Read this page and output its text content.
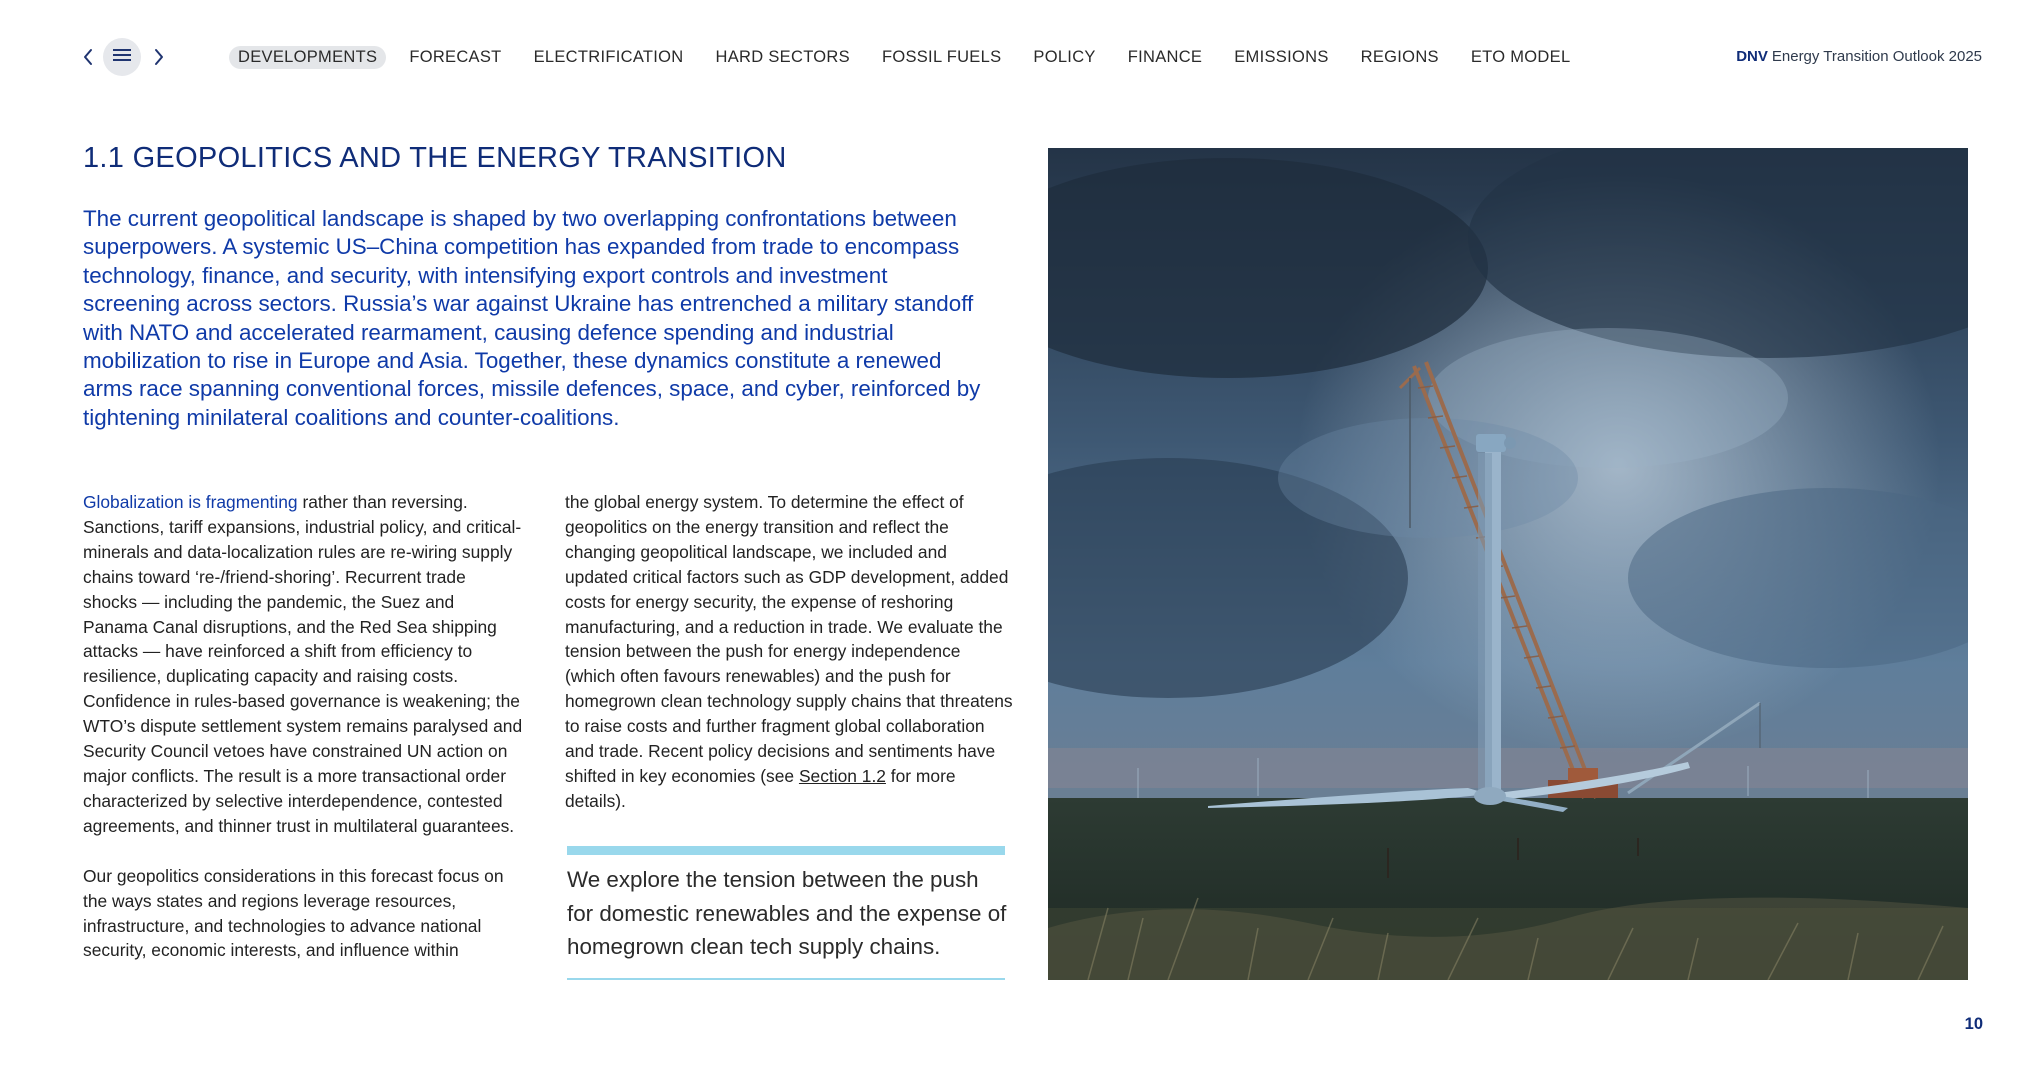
DEVELOPMENTS	FORECAST	ELECTRIFICATION	HARD SECTORS	FOSSIL FUELS	POLICY	FINANCE	EMISSIONS	REGIONS	ETO MODEL	DNV Energy Transition Outlook 2025
1.1 GEOPOLITICS AND THE ENERGY TRANSITION

The current geopolitical landscape is shaped by two overlapping confrontations between superpowers. A systemic US–China competition has expanded from trade to encompass technology, finance, and security, with intensifying export controls and investment screening across sectors. Russia’s war against Ukraine has entrenched a military standoff with NATO and accelerated rearmament, causing defence spending and industrial mobilization to rise in Europe and Asia. Together, these dynamics constitute a renewed arms race spanning conventional forces, missile defences, space, and cyber, reinforced by tightening minilateral coalitions and counter-coalitions.

Globalization is fragmenting rather than reversing. Sanctions, tariff expansions, industrial policy, and critical-minerals and data-localization rules are re-wiring supply chains toward ‘re-/friend-shoring’. Recurrent trade shocks — including the pandemic, the Suez and Panama Canal disruptions, and the Red Sea shipping attacks — have reinforced a shift from efficiency to resilience, duplicating capacity and raising costs. Confidence in rules-based governance is weakening; the WTO’s dispute settlement system remains paralysed and Security Council vetoes have constrained UN action on major conflicts. The result is a more transactional order characterized by selective interdependence, contested agreements, and thinner trust in multilateral guarantees.

Our geopolitics considerations in this forecast focus on the ways states and regions leverage resources, infrastructure, and technologies to advance national security, economic interests, and influence within

the global energy system. To determine the effect of geopolitics on the energy transition and reflect the changing geopolitical landscape, we included and updated critical factors such as GDP development, added costs for energy security, the expense of reshoring manufacturing, and a reduction in trade. We evaluate the tension between the push for energy independence (which often favours renewables) and the push for homegrown clean technology supply chains that threatens to raise costs and further fragment global collaboration and trade. Recent policy decisions and sentiments have shifted in key economies (see Section 1.2 for more details).

We explore the tension between the push for domestic renewables and the expense of homegrown clean tech supply chains.

10
